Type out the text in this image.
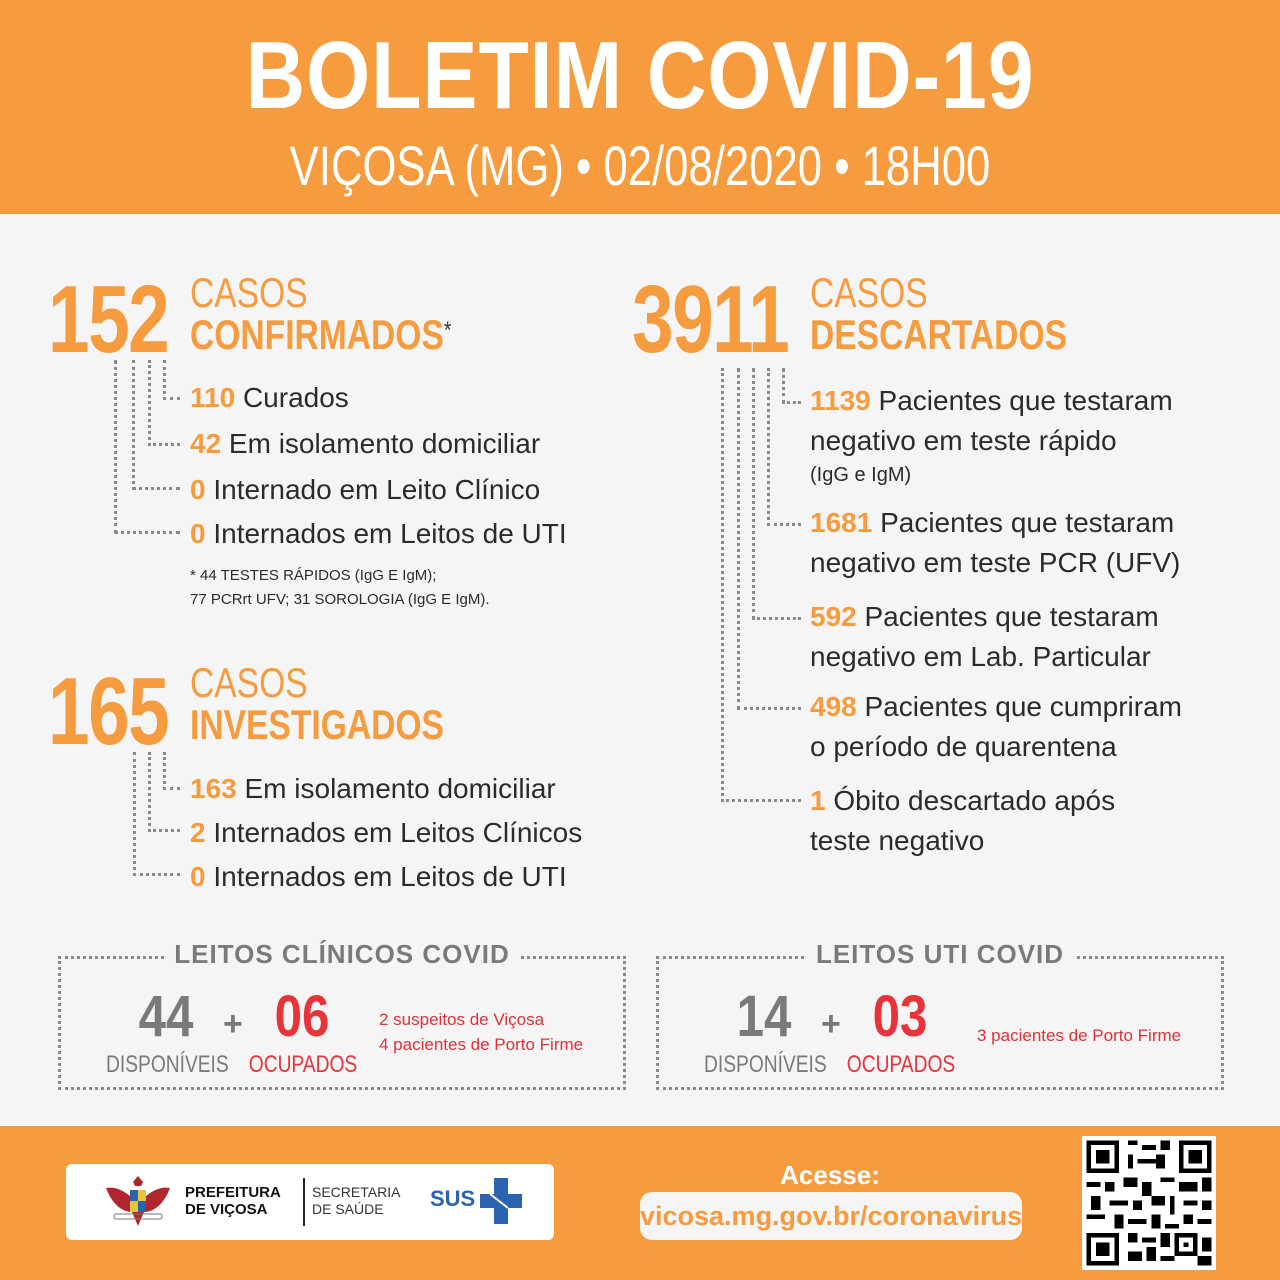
BOLETIM COVID-19
VIÇOSA (MG) • 02/08/2020 • 18H00
152 CASOS
CONFIRMADOS*
110 Curados
42 Em isolamento domiciliar
0 Internado em Leito Clínico
0 Internados em Leitos de UTI
* 44 TESTES RÁPIDOS (IgG E IgM);
77 PCRrt UFV; 31 SOROLOGIA (IgG E IgM).
165 CASOS
INVESTIGADOS
163 Em isolamento domiciliar
2 Internados em Leitos Clínicos
0 Internados em Leitos de UTI
3911 CASOS
DESCARTADOS
1139 Pacientes que testaram
negativo em teste rápido
(IgG e IgM)
1681 Pacientes que testaram
negativo em teste PCR (UFV)
592 Pacientes que testaram
negativo em Lab. Particular
498 Pacientes que cumpriram
o período de quarentena
1 Óbito descartado após
teste negativo
LEITOS CLÍNICOS COVID
44 + 06
DISPONÍVEIS OCUPADOS
2 suspeitos de Viçosa
4 pacientes de Porto Firme
LEITOS UTI COVID
14 + 03
DISPONÍVEIS OCUPADOS
3 pacientes de Porto Firme
PREFEITURA
DE VIÇOSA
SECRETARIA
DE SAÚDE	SUS
Acesse:
vicosa.mg.gov.br/coronavirus
